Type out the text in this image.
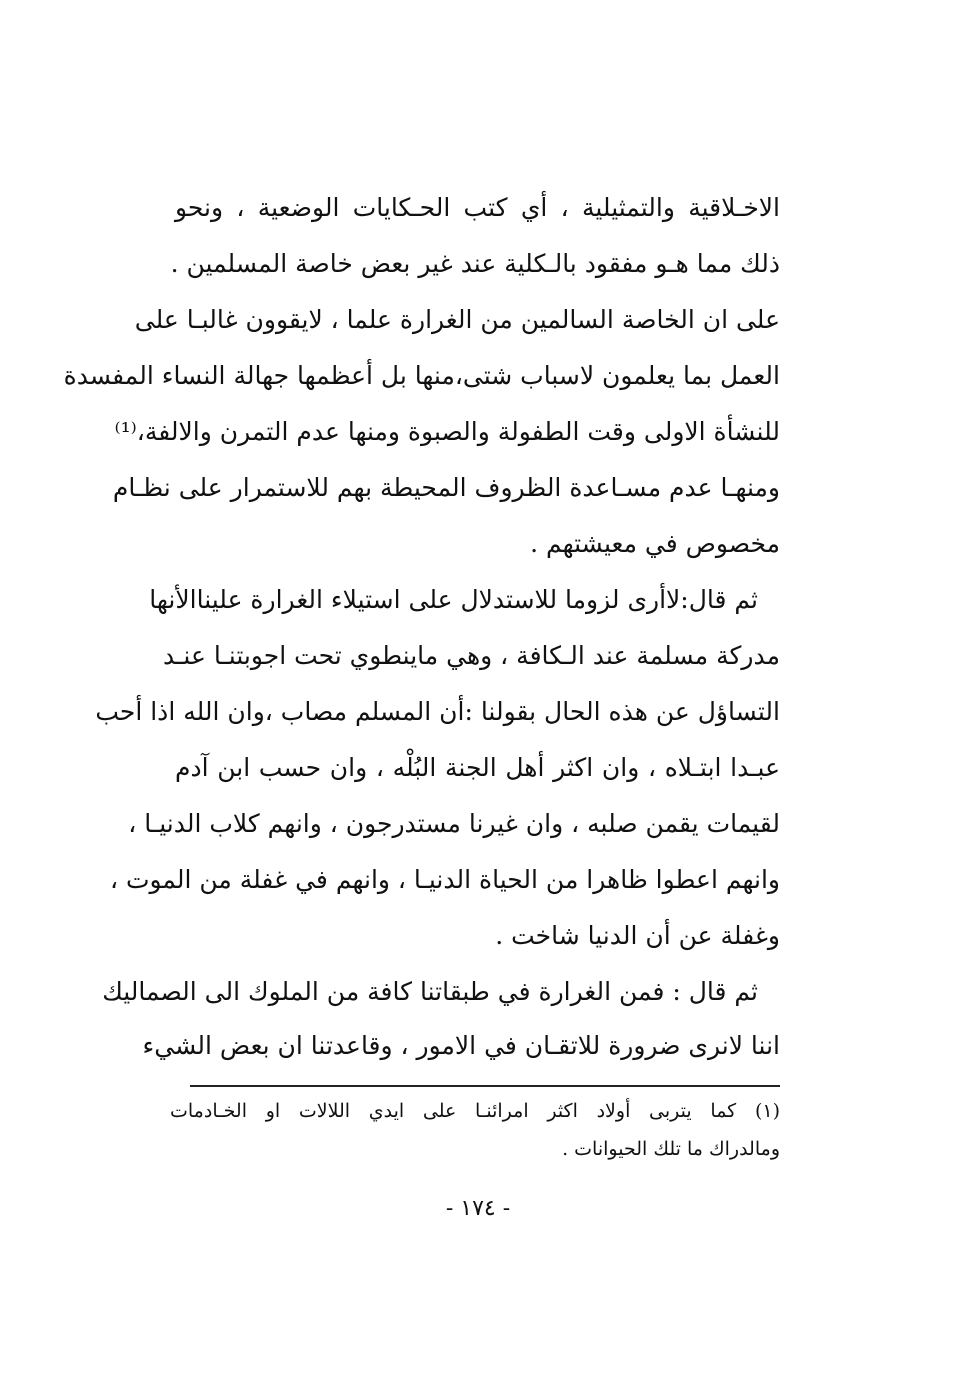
الاخـلاقية والتمثيلية ، أي كتب الحـكايات الوضعية ، ونحو
ذلك مما هـو مفقود بالـكلية عند غير بعض خاصة المسلمين .
على ان الخاصة السالمين من الغرارة علما ، لايقوون غالبـا على
العمل بما يعلمون لاسباب شتى،منها بل أعظمها جهالة النساء المفسدة
للنشأة الاولى وقت الطفولة والصبوة ومنها عدم التمرن والالفة،⁽¹⁾
ومنهـا عدم مسـاعدة الظروف المحيطة بهم للاستمرار على نظـام
مخصوص في معيشتهم .
ثم قال:لاأرى لزوما للاستدلال على استيلاء الغرارة عليناالأنها
مدركة مسلمة عند الـكافة ، وهي ماينطوي تحت اجوبتنـا عنـد
التساؤل عن هذه الحال بقولنا :أن المسلم مصاب ،وان الله اذا أحب
عبـدا ابتـلاه ، وان اكثر أهل الجنة البُلْه ، وان حسب ابن آدم
لقيمات يقمن صلبه ، وان غيرنا مستدرجون ، وانهم كلاب الدنيـا ،
وانهم اعطوا ظاهرا من الحياة الدنيـا ، وانهم في غفلة من الموت ،
وغفلة عن أن الدنيا شاخت .
ثم قال : فمن الغرارة في طبقاتنا كافة من الملوك الى الصماليك
اننا لانرى ضرورة للاتقـان في الامور ، وقاعدتنا ان بعض الشيء
(١) كما يتربى أولاد اكثر امرائنـا على ايدي اللالات او الخـادمات
ومالدراك ما تلك الحيوانات .
- ١٧٤ -
